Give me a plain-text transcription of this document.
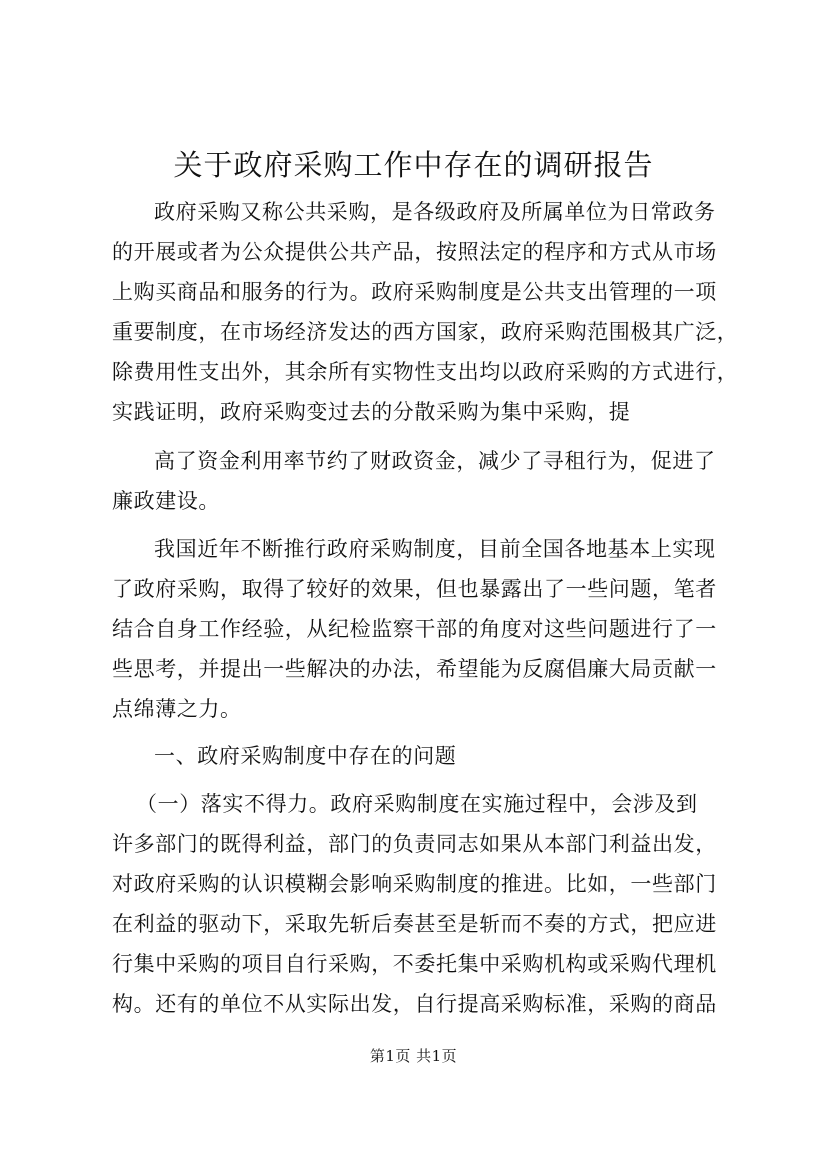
关于政府采购工作中存在的调研报告
政府采购又称公共采购，是各级政府及所属单位为日常政务
的开展或者为公众提供公共产品，按照法定的程序和方式从市场
上购买商品和服务的行为。政府采购制度是公共支出管理的一项
重要制度，在市场经济发达的西方国家，政府采购范围极其广泛，
除费用性支出外，其余所有实物性支出均以政府采购的方式进行，
实践证明，政府采购变过去的分散采购为集中采购，提
高了资金利用率节约了财政资金，减少了寻租行为，促进了
廉政建设。
我国近年不断推行政府采购制度，目前全国各地基本上实现
了政府采购，取得了较好的效果，但也暴露出了一些问题，笔者
结合自身工作经验，从纪检监察干部的角度对这些问题进行了一
些思考，并提出一些解决的办法，希望能为反腐倡廉大局贡献一
点绵薄之力。
一、政府采购制度中存在的问题
（一）落实不得力。政府采购制度在实施过程中，会涉及到
许多部门的既得利益，部门的负责同志如果从本部门利益出发，
对政府采购的认识模糊会影响采购制度的推进。比如，一些部门
在利益的驱动下，采取先斩后奏甚至是斩而不奏的方式，把应进
行集中采购的项目自行采购，不委托集中采购机构或采购代理机
构。还有的单位不从实际出发，自行提高采购标准，采购的商品
第1页 共1页
